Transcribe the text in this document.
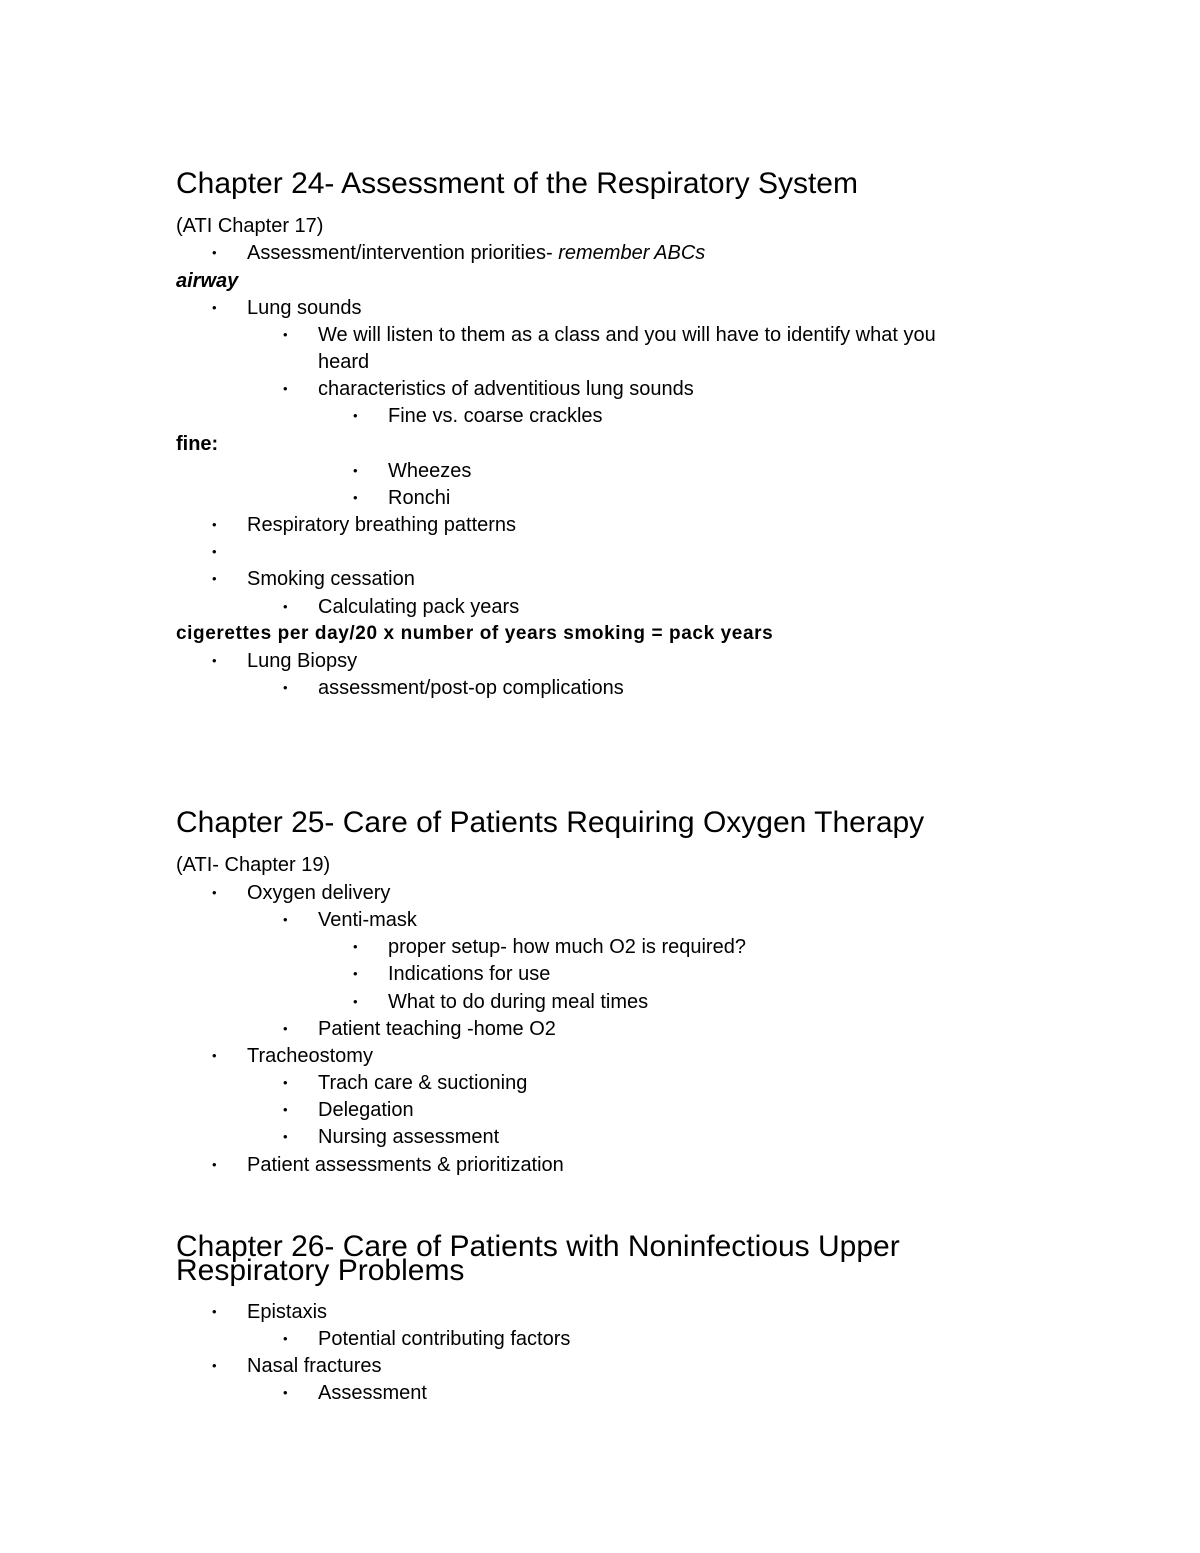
Chapter 24- Assessment of the Respiratory System
(ATI Chapter 17)
• Assessment/intervention priorities- remember ABCs
airway
• Lung sounds
• We will listen to them as a class and you will have to identify what you
heard
• characteristics of adventitious lung sounds
• Fine vs. coarse crackles
fine:
• Wheezes
• Ronchi
• Respiratory breathing patterns
•
• Smoking cessation
• Calculating pack years
cigerettes per day/20 x number of years smoking = pack years
• Lung Biopsy
• assessment/post-op complications
Chapter 25- Care of Patients Requiring Oxygen Therapy
(ATI- Chapter 19)
• Oxygen delivery
• Venti-mask
• proper setup- how much O2 is required?
• Indications for use
• What to do during meal times
• Patient teaching -home O2
• Tracheostomy
• Trach care & suctioning
• Delegation
• Nursing assessment
• Patient assessments & prioritization
Chapter 26- Care of Patients with Noninfectious Upper
Respiratory Problems
• Epistaxis
• Potential contributing factors
• Nasal fractures
• Assessment
